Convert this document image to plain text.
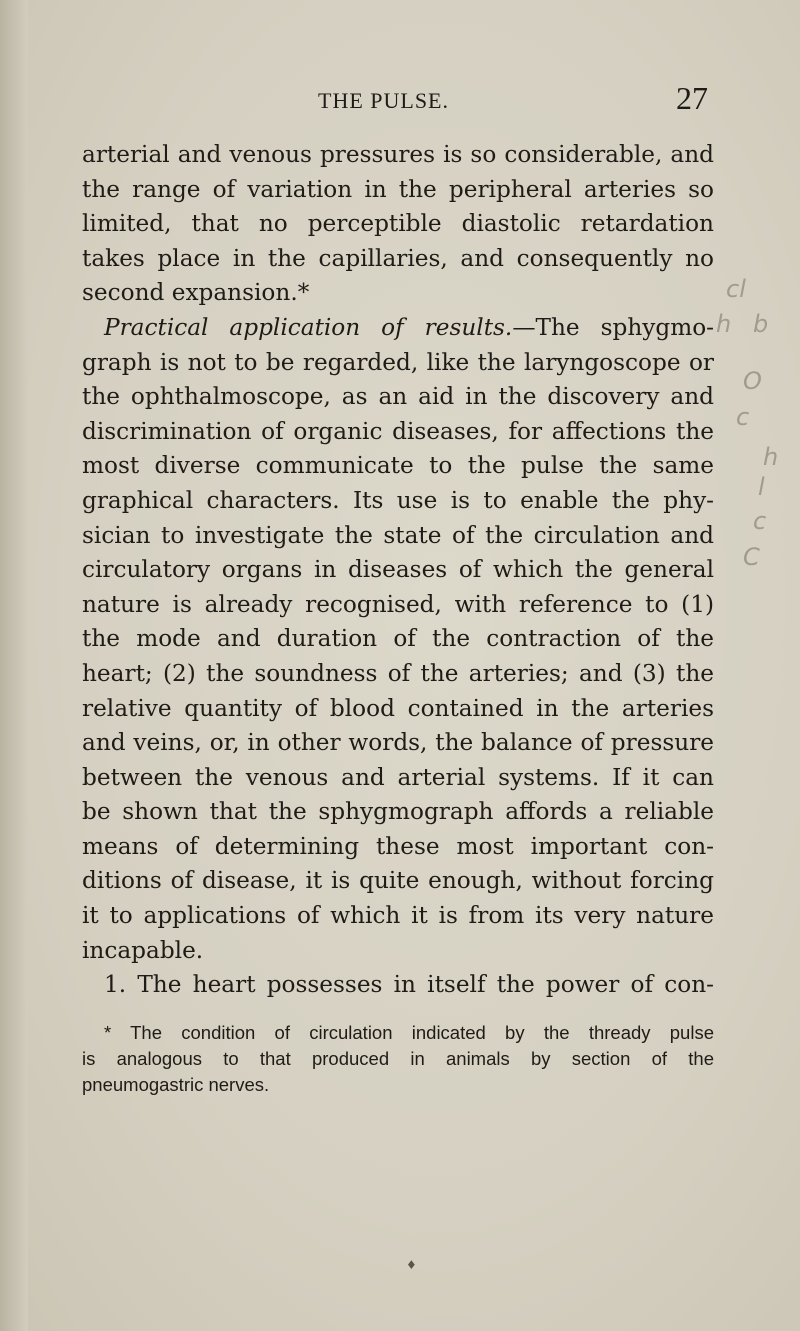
THE PULSE.	27
arterial and venous pressures is so considerable, and
the range of variation in the peripheral arteries so
limited, that no perceptible diastolic retardation
takes place in the capillaries, and consequently no
second expansion.*
Practical application of results.—The sphygmo-
graph is not to be regarded, like the laryngoscope or
the ophthalmoscope, as an aid in the discovery and
discrimination of organic diseases, for affections the
most diverse communicate to the pulse the same
graphical characters. Its use is to enable the phy-
sician to investigate the state of the circulation and
circulatory organs in diseases of which the general
nature is already recognised, with reference to (1)
the mode and duration of the contraction of the
heart; (2) the soundness of the arteries; and (3) the
relative quantity of blood contained in the arteries
and veins, or, in other words, the balance of pressure
between the venous and arterial systems. If it can
be shown that the sphygmograph affords a reliable
means of determining these most important con-
ditions of disease, it is quite enough, without forcing
it to applications of which it is from its very nature
incapable.
1. The heart possesses in itself the power of con-
* The condition of circulation indicated by the thready pulse
is analogous to that produced in animals by section of the
pneumogastric nerves.
cl
h b
O
c
h
l
c
C
♦
